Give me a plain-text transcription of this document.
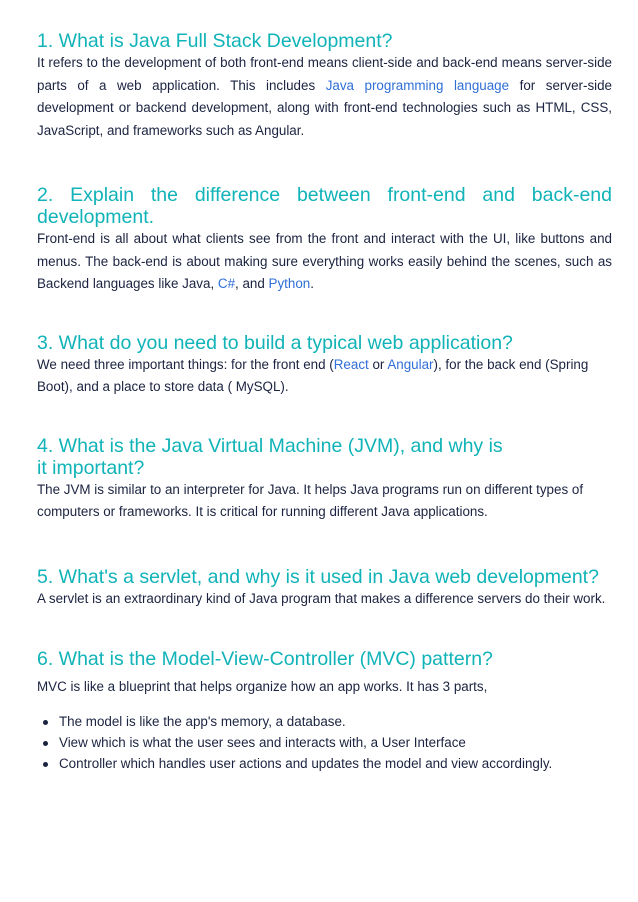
1. What is Java Full Stack Development?

It refers to the development of both front-end means client-side and back-end means server-side parts of a web application. This includes Java programming language for server-side development or backend development, along with front-end technologies such as HTML, CSS, JavaScript, and frameworks such as Angular.

2. Explain the difference between front-end and back-end development.

Front-end is all about what clients see from the front and interact with the UI, like buttons and menus. The back-end is about making sure everything works easily behind the scenes, such as Backend languages like Java, C#, and Python.

3. What do you need to build a typical web application?

We need three important things: for the front end (React or Angular), for the back end (Spring Boot), and a place to store data ( MySQL).

4. What is the Java Virtual Machine (JVM), and why is it important?

The JVM is similar to an interpreter for Java. It helps Java programs run on different types of computers or frameworks. It is critical for running different Java applications.

5. What's a servlet, and why is it used in Java web development?

A servlet is an extraordinary kind of Java program that makes a difference servers do their work.

6. What is the Model-View-Controller (MVC) pattern?

MVC is like a blueprint that helps organize how an app works. It has 3 parts,

The model is like the app's memory, a database.
View which is what the user sees and interacts with, a User Interface
Controller which handles user actions and updates the model and view accordingly.
